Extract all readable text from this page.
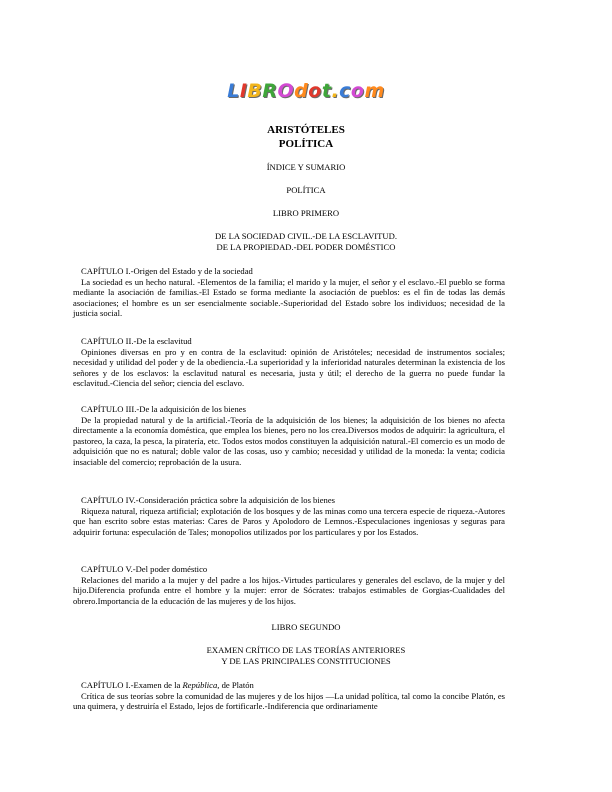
LIBROdot.com
ARISTÓTELES
POLÍTICA
ÍNDICE Y SUMARIO
POLÍTICA
LIBRO PRIMERO
DE LA SOCIEDAD CIVIL.-DE LA ESCLAVITUD.
DE LA PROPIEDAD.-DEL PODER DOMÉSTICO

CAPÍTULO I.-Origen del Estado y de la sociedad

La sociedad es un hecho natural. -Elementos de la familia; el marido y la mujer, el señor y el esclavo.-El pueblo se forma mediante la asociación de familias.-El Estado se forma mediante la asociación de pueblos: es el fin de todas las demás asociaciones; el hombre es un ser esencialmente sociable.-Superioridad del Estado sobre los individuos; necesidad de la justicia social.

CAPÍTULO II.-De la esclavitud

Opiniones diversas en pro y en contra de la esclavitud: opinión de Aristóteles; necesidad de instrumentos sociales; necesidad y utilidad del poder y de la obediencia.-La superioridad y la inferioridad naturales determinan la existencia de los señores y de los esclavos: la esclavitud natural es necesaria, justa y útil; el derecho de la guerra no puede fundar la esclavitud.-Ciencia del señor; ciencia del esclavo.

CAPÍTULO III.-De la adquisición de los bienes

De la propiedad natural y de la artificial.-Teoría de la adquisición de los bienes; la adquisición de los bienes no afecta directamente a la economía doméstica, que emplea los bienes, pero no los crea.Diversos modos de adquirir: la agricultura, el pastoreo, la caza, la pesca, la piratería, etc. Todos estos modos constituyen la adquisición natural.-El comercio es un modo de adquisición que no es natural; doble valor de las cosas, uso y cambio; necesidad y utilidad de la moneda: la venta; codicia insaciable del comercio; reprobación de la usura.

CAPÍTULO IV.-Consideración práctica sobre la adquisición de los bienes

Riqueza natural, riqueza artificial; explotación de los bosques y de las minas como una tercera especie de riqueza.-Autores que han escrito sobre estas materias: Cares de Paros y Apolodoro de Lemnos.-Especulaciones ingeniosas y seguras para adquirir fortuna: especulación de Tales; monopolios utilizados por los particulares y por los Estados.

CAPÍTULO V.-Del poder doméstico

Relaciones del marido a la mujer y del padre a los hijos.-Virtudes particulares y generales del esclavo, de la mujer y del hijo.Diferencia profunda entre el hombre y la mujer: error de Sócrates: trabajos estimables de Gorgias-Cualidades del obrero.Importancia de la educación de las mujeres y de los hijos.

LIBRO SEGUNDO
EXAMEN CRÍTICO DE LAS TEORÍAS ANTERIORES
Y DE LAS PRINCIPALES CONSTITUCIONES

CAPÍTULO I.-Examen de la República, de Platón

Crítica de sus teorías sobre la comunidad de las mujeres y de los hijos —La unidad política, tal como la concibe Platón, es una quimera, y destruiría el Estado, lejos de fortificarle.-Indiferencia que ordinariamente
